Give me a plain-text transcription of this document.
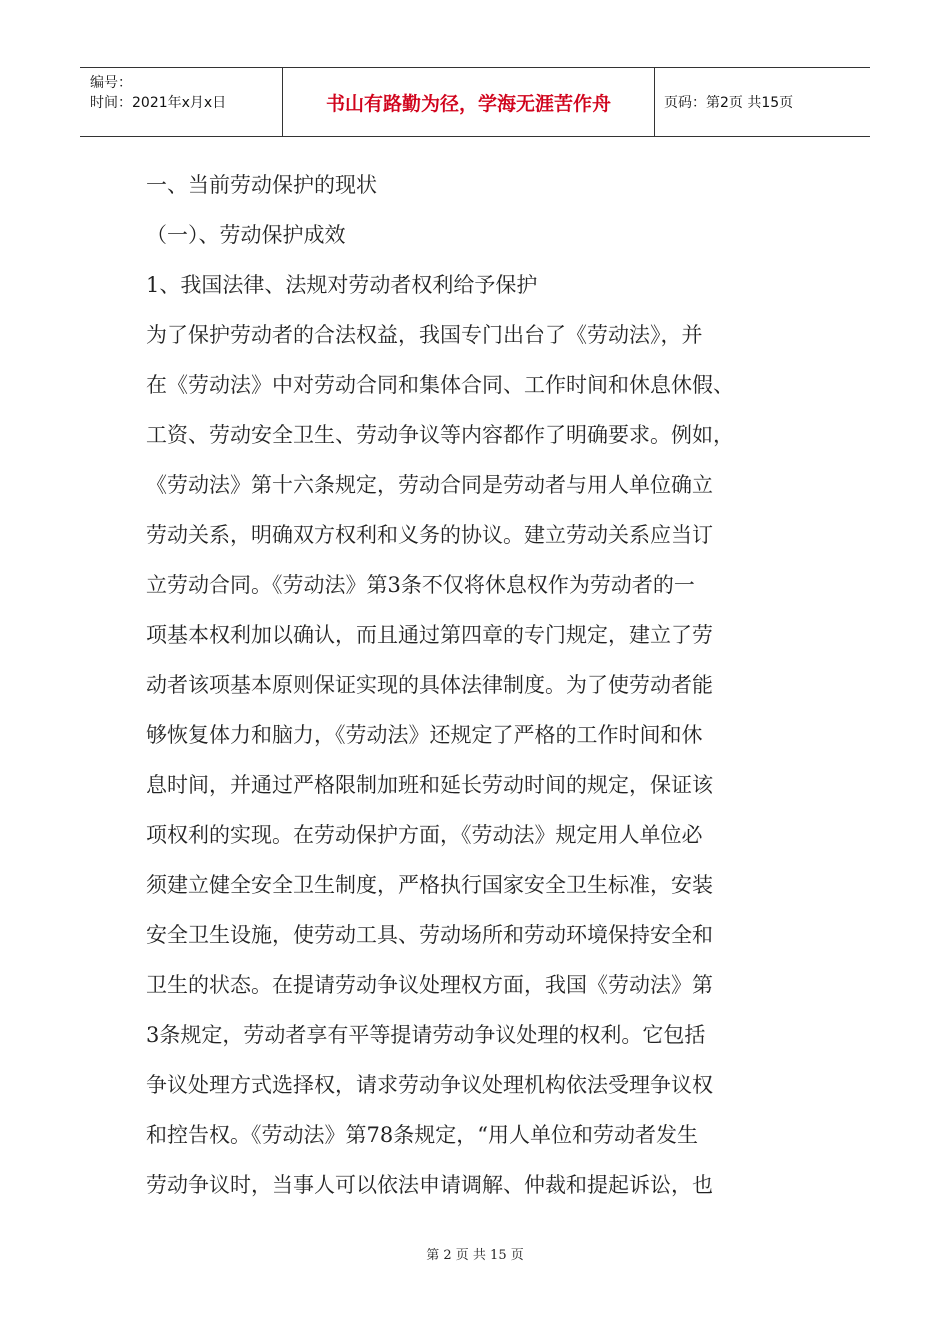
编号：
时间：2021年x月x日	书山有路勤为径，学海无涯苦作舟	页码：第2页 共15页

一、当前劳动保护的现状

（一）、劳动保护成效

1、我国法律、法规对劳动者权利给予保护

为了保护劳动者的合法权益，我国专门出台了《劳动法》，并

在《劳动法》中对劳动合同和集体合同、工作时间和休息休假、

工资、劳动安全卫生、劳动争议等内容都作了明确要求。例如，

《劳动法》第十六条规定，劳动合同是劳动者与用人单位确立

劳动关系，明确双方权利和义务的协议。建立劳动关系应当订

立劳动合同。《劳动法》第3条不仅将休息权作为劳动者的一

项基本权利加以确认，而且通过第四章的专门规定，建立了劳

动者该项基本原则保证实现的具体法律制度。为了使劳动者能

够恢复体力和脑力，《劳动法》还规定了严格的工作时间和休

息时间，并通过严格限制加班和延长劳动时间的规定，保证该

项权利的实现。在劳动保护方面，《劳动法》规定用人单位必

须建立健全安全卫生制度，严格执行国家安全卫生标准，安装

安全卫生设施，使劳动工具、劳动场所和劳动环境保持安全和

卫生的状态。在提请劳动争议处理权方面，我国《劳动法》第

3条规定，劳动者享有平等提请劳动争议处理的权利。它包括

争议处理方式选择权，请求劳动争议处理机构依法受理争议权

和控告权。《劳动法》第78条规定，“用人单位和劳动者发生

劳动争议时，当事人可以依法申请调解、仲裁和提起诉讼，也

第 2 页 共 15 页
